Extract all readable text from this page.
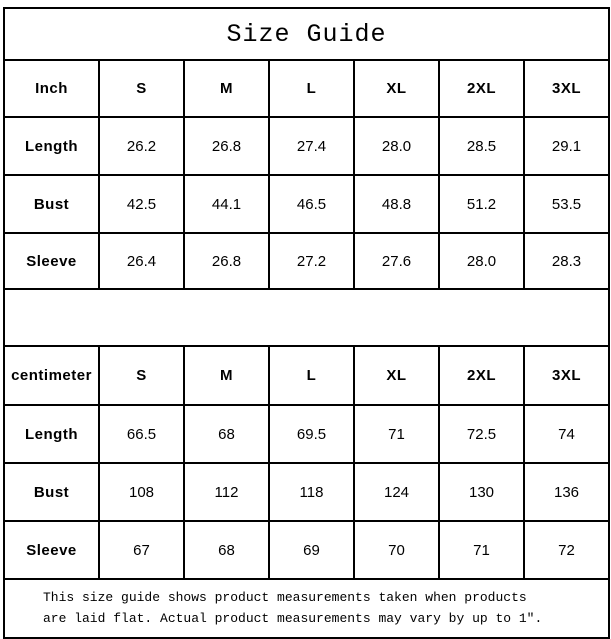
Size Guide						
Inch	S	M	L	XL	2XL	3XL
Length	26.2	26.8	27.4	28.0	28.5	29.1
Bust	42.5	44.1	46.5	48.8	51.2	53.5
Sleeve	26.4	26.8	27.2	27.6	28.0	28.3

centimeter	S	M	L	XL	2XL	3XL
Length	66.5	68	69.5	71	72.5	74
Bust	108	112	118	124	130	136
Sleeve	67	68	69	70	71	72

This size guide shows product measurements taken when products
are laid flat. Actual product measurements may vary by up to 1″.						
